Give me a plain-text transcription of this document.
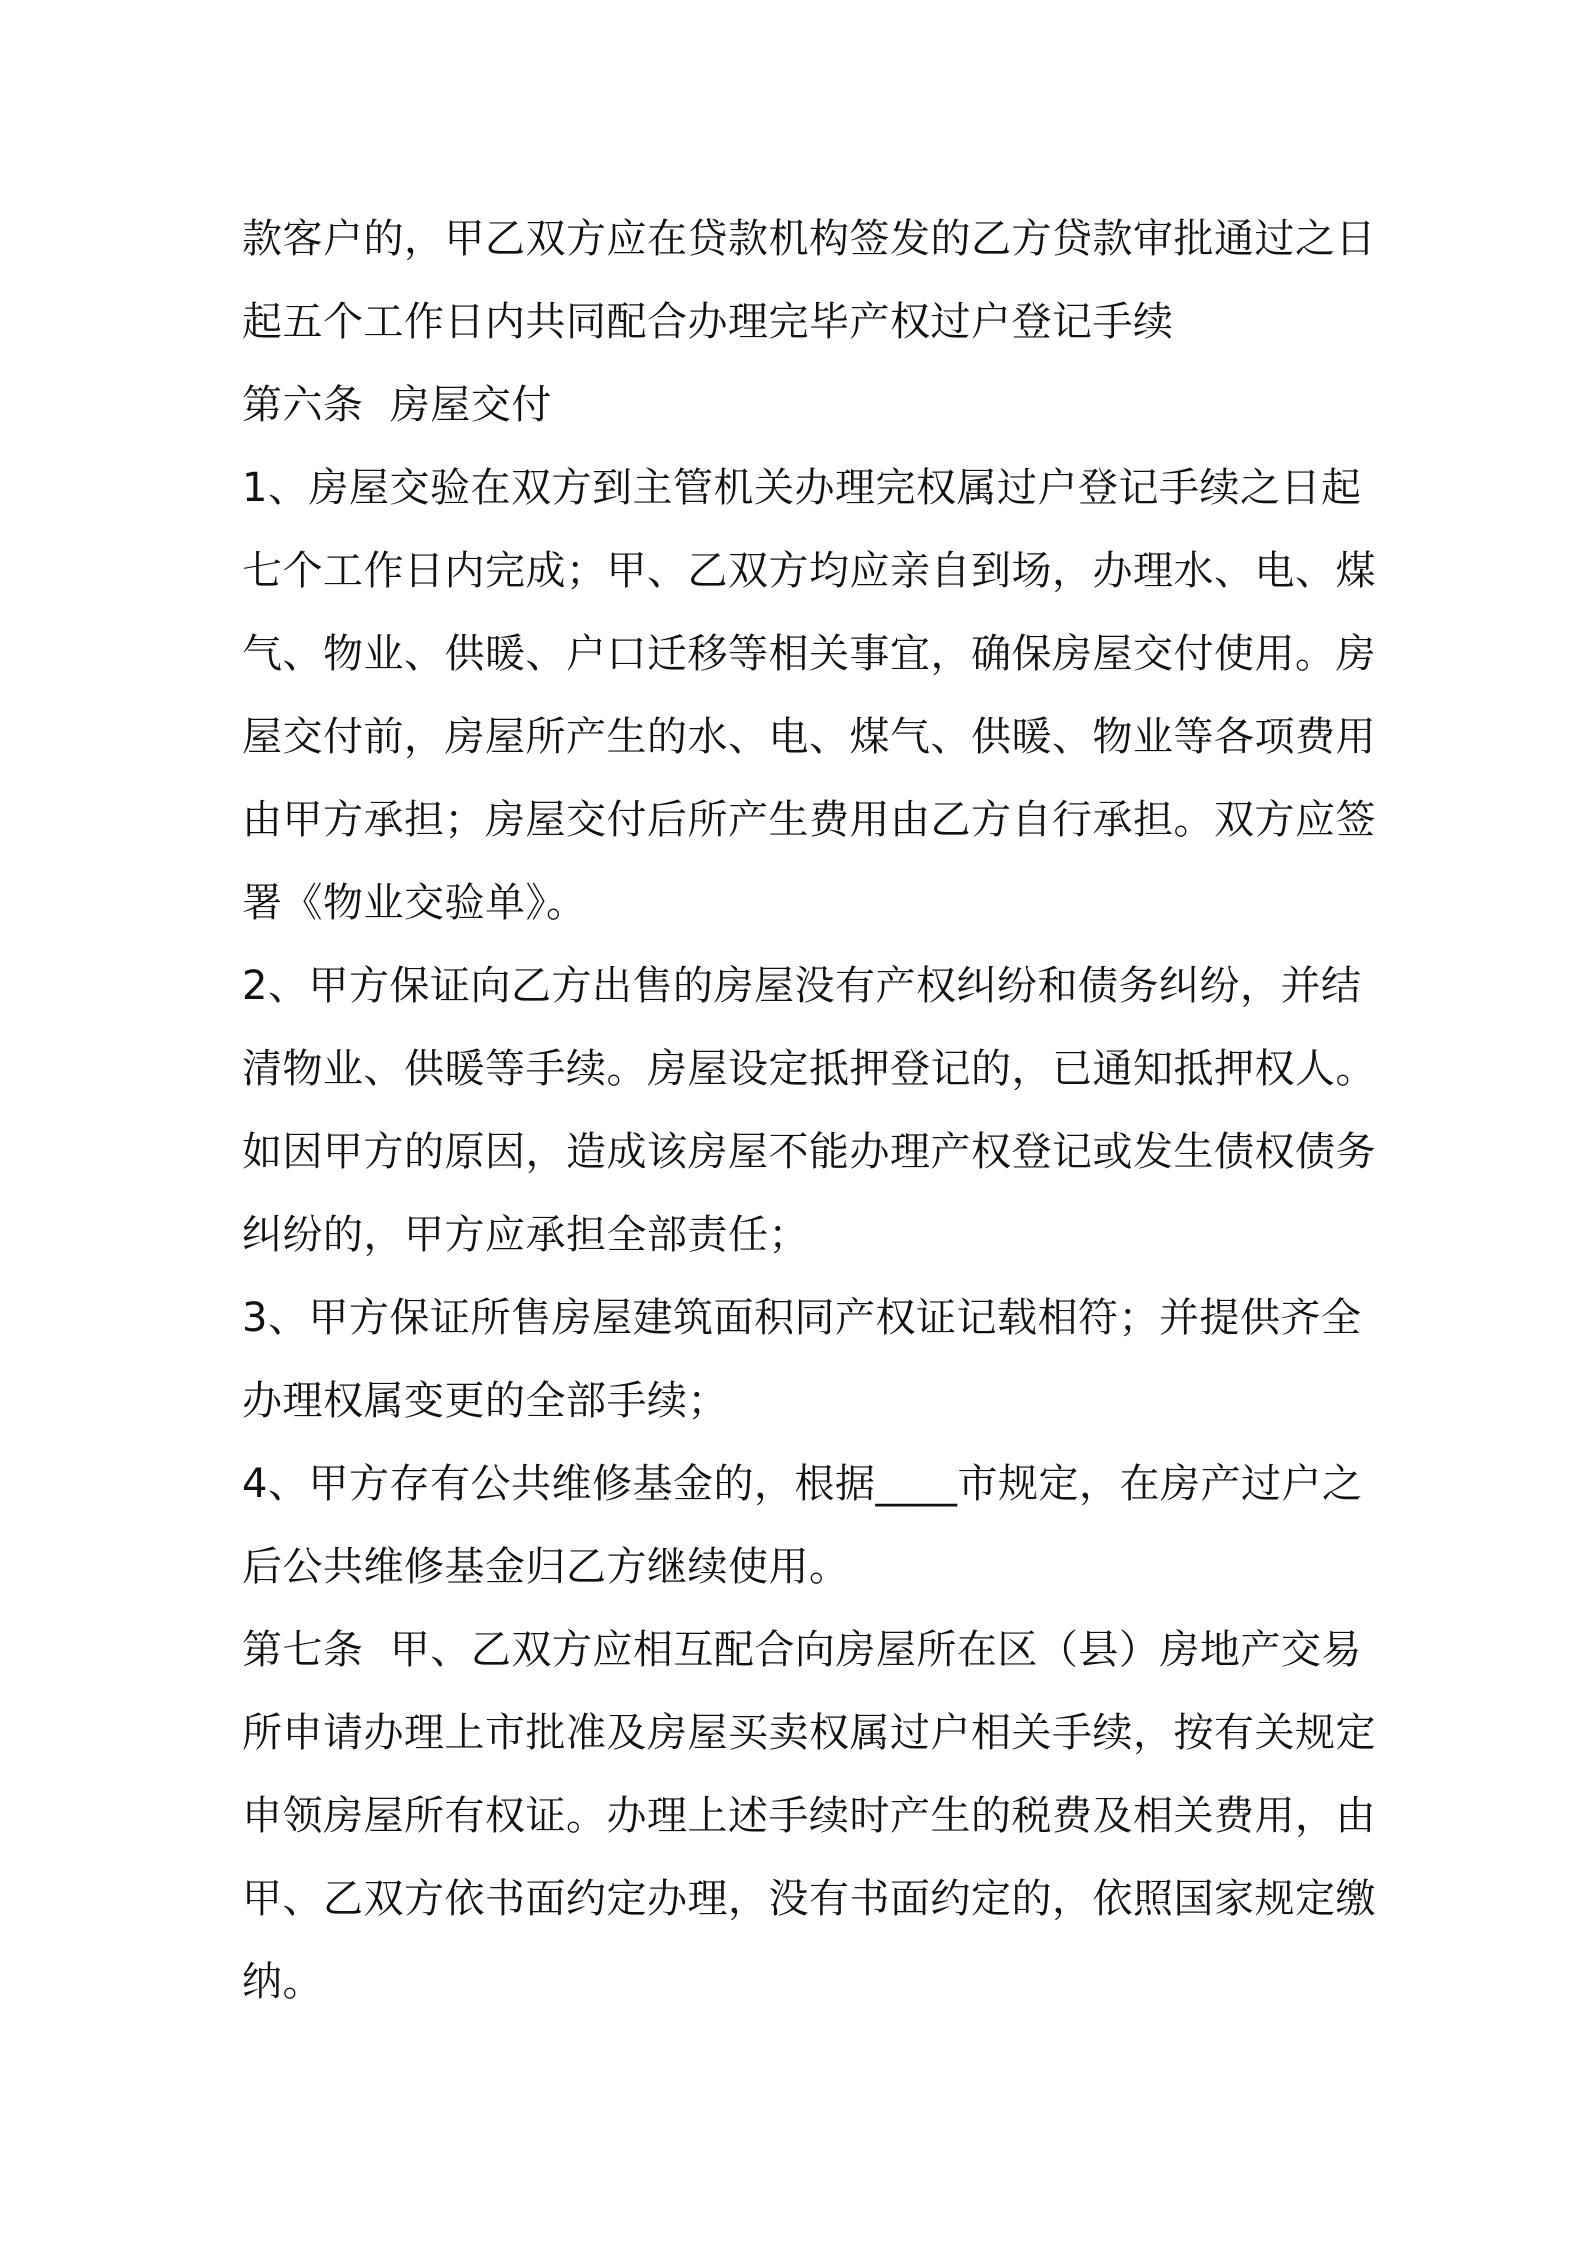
款客户的，甲乙双方应在贷款机构签发的乙方贷款审批通过之日
起五个工作日内共同配合办理完毕产权过户登记手续
第六条  房屋交付
1、房屋交验在双方到主管机关办理完权属过户登记手续之日起
七个工作日内完成；甲、乙双方均应亲自到场，办理水、电、煤
气、物业、供暖、户口迁移等相关事宜，确保房屋交付使用。房
屋交付前，房屋所产生的水、电、煤气、供暖、物业等各项费用
由甲方承担；房屋交付后所产生费用由乙方自行承担。双方应签
署《物业交验单》。
2、甲方保证向乙方出售的房屋没有产权纠纷和债务纠纷，并结
清物业、供暖等手续。房屋设定抵押登记的，已通知抵押权人。
如因甲方的原因，造成该房屋不能办理产权登记或发生债权债务
纠纷的，甲方应承担全部责任；
3、甲方保证所售房屋建筑面积同产权证记载相符；并提供齐全
办理权属变更的全部手续；
4、甲方存有公共维修基金的，根据____市规定，在房产过户之
后公共维修基金归乙方继续使用。
第七条  甲、乙双方应相互配合向房屋所在区（县）房地产交易
所申请办理上市批准及房屋买卖权属过户相关手续，按有关规定
申领房屋所有权证。办理上述手续时产生的税费及相关费用，由
甲、乙双方依书面约定办理，没有书面约定的，依照国家规定缴
纳。
